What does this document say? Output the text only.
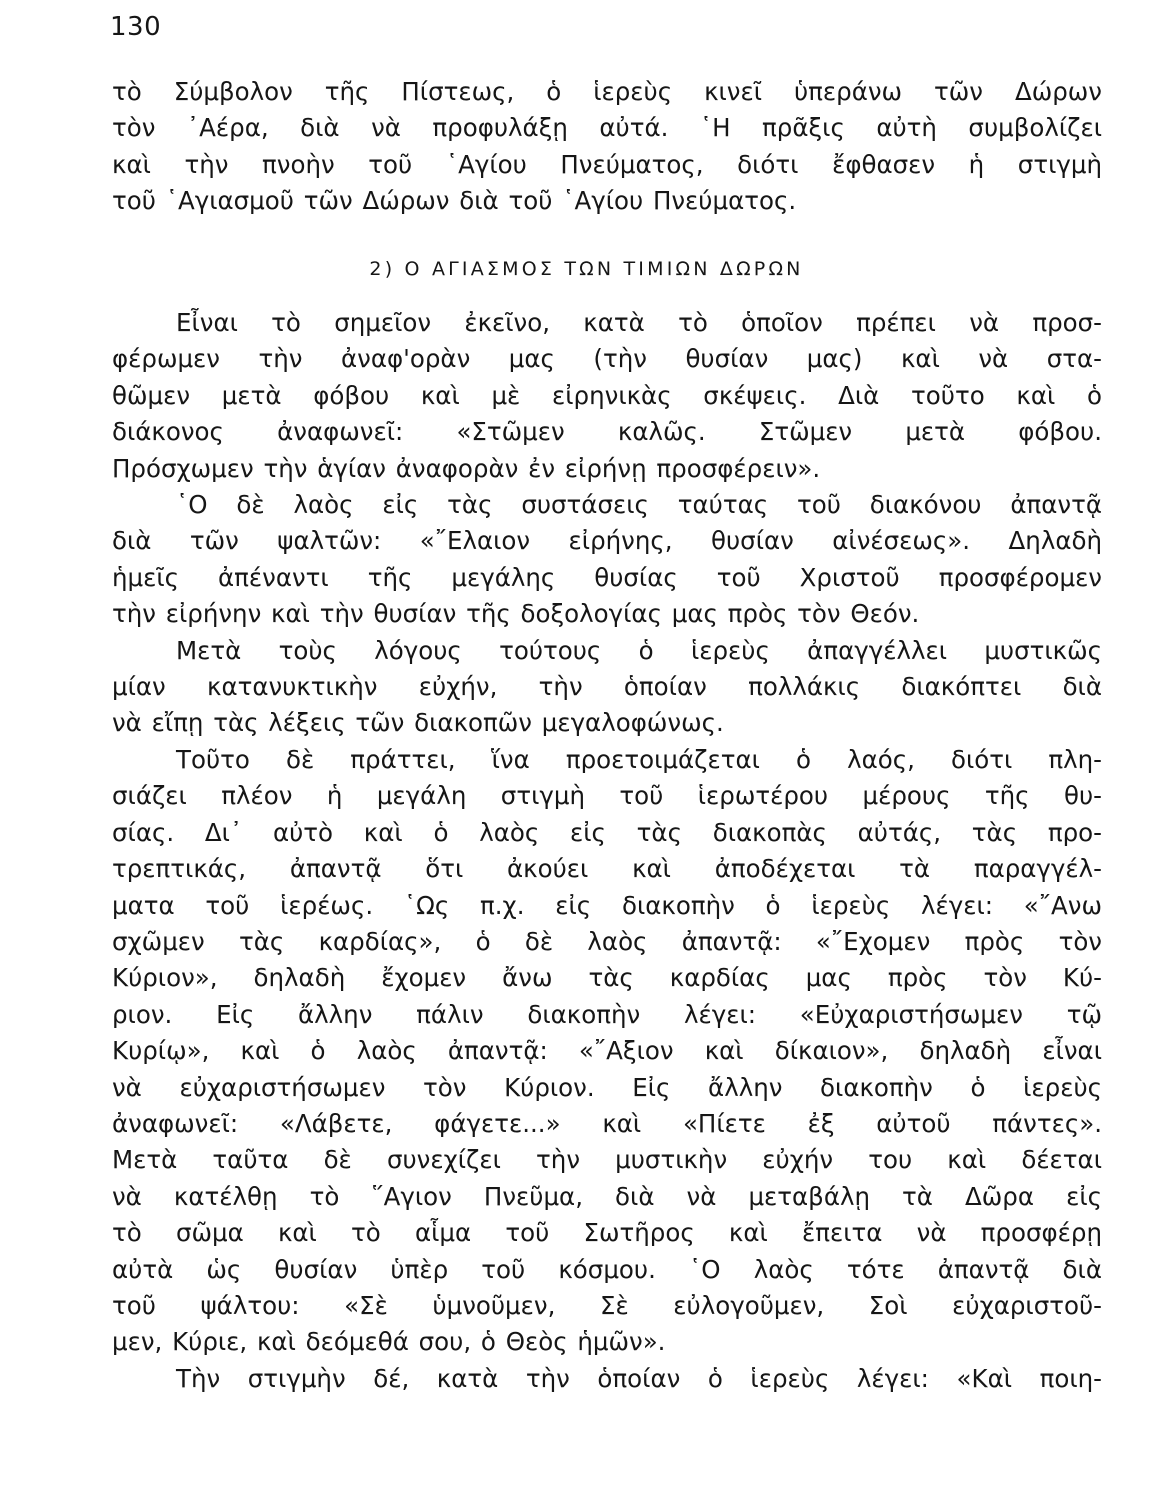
130
τὸ Σύμβολον τῆς Πίστεως, ὁ ἱερεὺς κινεῖ ὑπεράνω τῶν Δώρων
τὸν ᾿Αέρα, διὰ νὰ προφυλάξῃ αὐτά. ῾Η πρᾶξις αὐτὴ συμβολίζει
καὶ τὴν πνοὴν τοῦ ῾Αγίου Πνεύματος, διότι ἔφθασεν ἡ στιγμὴ
τοῦ ῾Αγιασμοῦ τῶν Δώρων διὰ τοῦ ῾Αγίου Πνεύματος.
2) Ο ΑΓΙΑΣΜΟΣ ΤΩΝ ΤΙΜΙΩΝ ΔΩΡΩΝ
Εἶναι τὸ σημεῖον ἐκεῖνο, κατὰ τὸ ὁποῖον πρέπει νὰ προσ-
φέρωμεν τὴν ἀναφ'ορὰν μας (τὴν θυσίαν μας) καὶ νὰ στα-
θῶμεν μετὰ φόβου καὶ μὲ εἰρηνικὰς σκέψεις. Διὰ τοῦτο καὶ ὁ
διάκονος ἀναφωνεῖ: «Στῶμεν καλῶς. Στῶμεν μετὰ φόβου.
Πρόσχωμεν τὴν ἁγίαν ἀναφορὰν ἐν εἰρήνῃ προσφέρειν».
῾Ο δὲ λαὸς εἰς τὰς συστάσεις ταύτας τοῦ διακόνου ἀπαντᾷ
διὰ τῶν ψαλτῶν: «῎Ελαιον εἰρήνης, θυσίαν αἰνέσεως». Δηλαδὴ
ἡμεῖς ἀπέναντι τῆς μεγάλης θυσίας τοῦ Χριστοῦ προσφέρομεν
τὴν εἰρήνην καὶ τὴν θυσίαν τῆς δοξολογίας μας πρὸς τὸν Θεόν.
Μετὰ τοὺς λόγους τούτους ὁ ἱερεὺς ἀπαγγέλλει μυστικῶς
μίαν κατανυκτικὴν εὐχήν, τὴν ὁποίαν πολλάκις διακόπτει διὰ
νὰ εἴπῃ τὰς λέξεις τῶν διακοπῶν μεγαλοφώνως.
Τοῦτο δὲ πράττει, ἵνα προετοιμάζεται ὁ λαός, διότι πλη-
σιάζει πλέον ἡ μεγάλη στιγμὴ τοῦ ἱερωτέρου μέρους τῆς θυ-
σίας. Δι᾿ αὐτὸ καὶ ὁ λαὸς εἰς τὰς διακοπὰς αὐτάς, τὰς προ-
τρεπτικάς, ἀπαντᾷ ὅτι ἀκούει καὶ ἀποδέχεται τὰ παραγγέλ-
ματα τοῦ ἱερέως. ῾Ως π.χ. εἰς διακοπὴν ὁ ἱερεὺς λέγει: «῎Ανω
σχῶμεν τὰς καρδίας», ὁ δὲ λαὸς ἀπαντᾷ: «῎Εχομεν πρὸς τὸν
Κύριον», δηλαδὴ ἔχομεν ἄνω τὰς καρδίας μας πρὸς τὸν Κύ-
ριον. Εἰς ἄλλην πάλιν διακοπὴν λέγει: «Εὐχαριστήσωμεν τῷ
Κυρίῳ», καὶ ὁ λαὸς ἀπαντᾷ: «῎Αξιον καὶ δίκαιον», δηλαδὴ εἶναι
νὰ εὐχαριστήσωμεν τὸν Κύριον. Εἰς ἄλλην διακοπὴν ὁ ἱερεὺς
ἀναφωνεῖ: «Λάβετε, φάγετε...» καὶ «Πίετε ἐξ αὐτοῦ πάντες».
Μετὰ ταῦτα δὲ συνεχίζει τὴν μυστικὴν εὐχήν του καὶ δέεται
νὰ κατέλθῃ τὸ ῞Αγιον Πνεῦμα, διὰ νὰ μεταβάλῃ τὰ Δῶρα εἰς
τὸ σῶμα καὶ τὸ αἷμα τοῦ Σωτῆρος καὶ ἔπειτα νὰ προσφέρῃ
αὐτὰ ὡς θυσίαν ὑπὲρ τοῦ κόσμου. ῾Ο λαὸς τότε ἀπαντᾷ διὰ
τοῦ ψάλτου: «Σὲ ὑμνοῦμεν, Σὲ εὐλογοῦμεν, Σοὶ εὐχαριστοῦ-
μεν, Κύριε, καὶ δεόμεθά σου, ὁ Θεὸς ἡμῶν».
Τὴν στιγμὴν δέ, κατὰ τὴν ὁποίαν ὁ ἱερεὺς λέγει: «Καὶ ποιη-
